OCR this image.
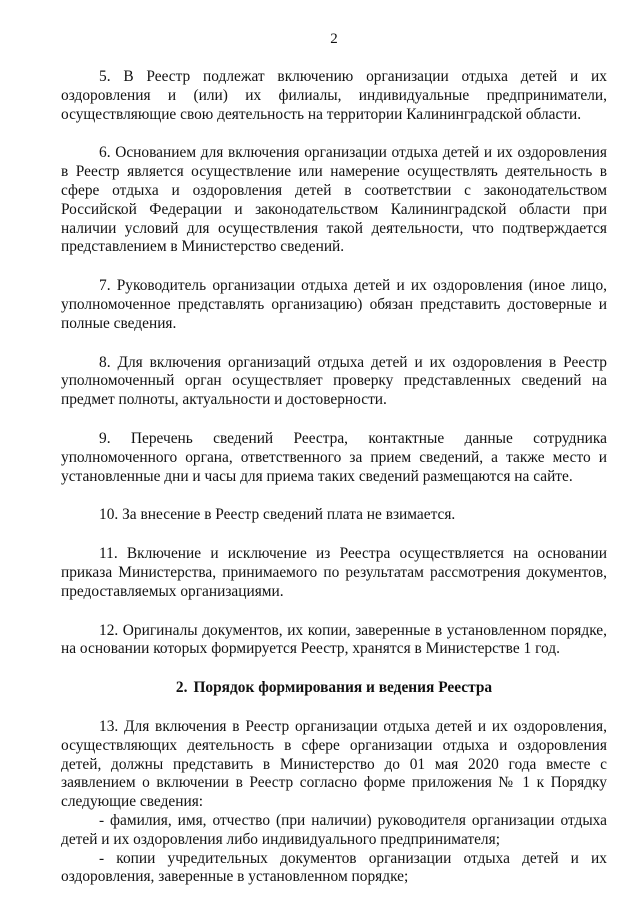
2

5. В Реестр подлежат включению организации отдыха детей и их оздоровления и (или) их филиалы, индивидуальные предприниматели, осуществляющие свою деятельность на территории Калининградской области.

6. Основанием для включения организации отдыха детей и их оздоровления в Реестр является осуществление или намерение осуществлять деятельность в сфере отдыха и оздоровления детей в соответствии с законодательством Российской Федерации и законодательством Калининградской области при наличии условий для осуществления такой деятельности, что подтверждается представлением в Министерство сведений.

7. Руководитель организации отдыха детей и их оздоровления (иное лицо, уполномоченное представлять организацию) обязан представить достоверные и полные сведения.

8. Для включения организаций отдыха детей и их оздоровления в Реестр уполномоченный орган осуществляет проверку представленных сведений на предмет полноты, актуальности и достоверности.

9. Перечень сведений Реестра, контактные данные сотрудника уполномоченного органа, ответственного за прием сведений, а также место и установленные дни и часы для приема таких сведений размещаются на сайте.

10. За внесение в Реестр сведений плата не взимается.

11. Включение и исключение из Реестра осуществляется на основании приказа Министерства, принимаемого по результатам рассмотрения документов, предоставляемых организациями.

12. Оригиналы документов, их копии, заверенные в установленном порядке, на основании которых формируется Реестр, хранятся в Министерстве 1 год.

2. Порядок формирования и ведения Реестра

13. Для включения в Реестр организации отдыха детей и их оздоровления, осуществляющих деятельность в сфере организации отдыха и оздоровления детей, должны представить в Министерство до 01 мая 2020 года вместе с заявлением о включении в Реестр согласно форме приложения № 1 к Порядку следующие сведения:

- фамилия, имя, отчество (при наличии) руководителя организации отдыха детей и их оздоровления либо индивидуального предпринимателя;

- копии учредительных документов организации отдыха детей и их оздоровления, заверенные в установленном порядке;
